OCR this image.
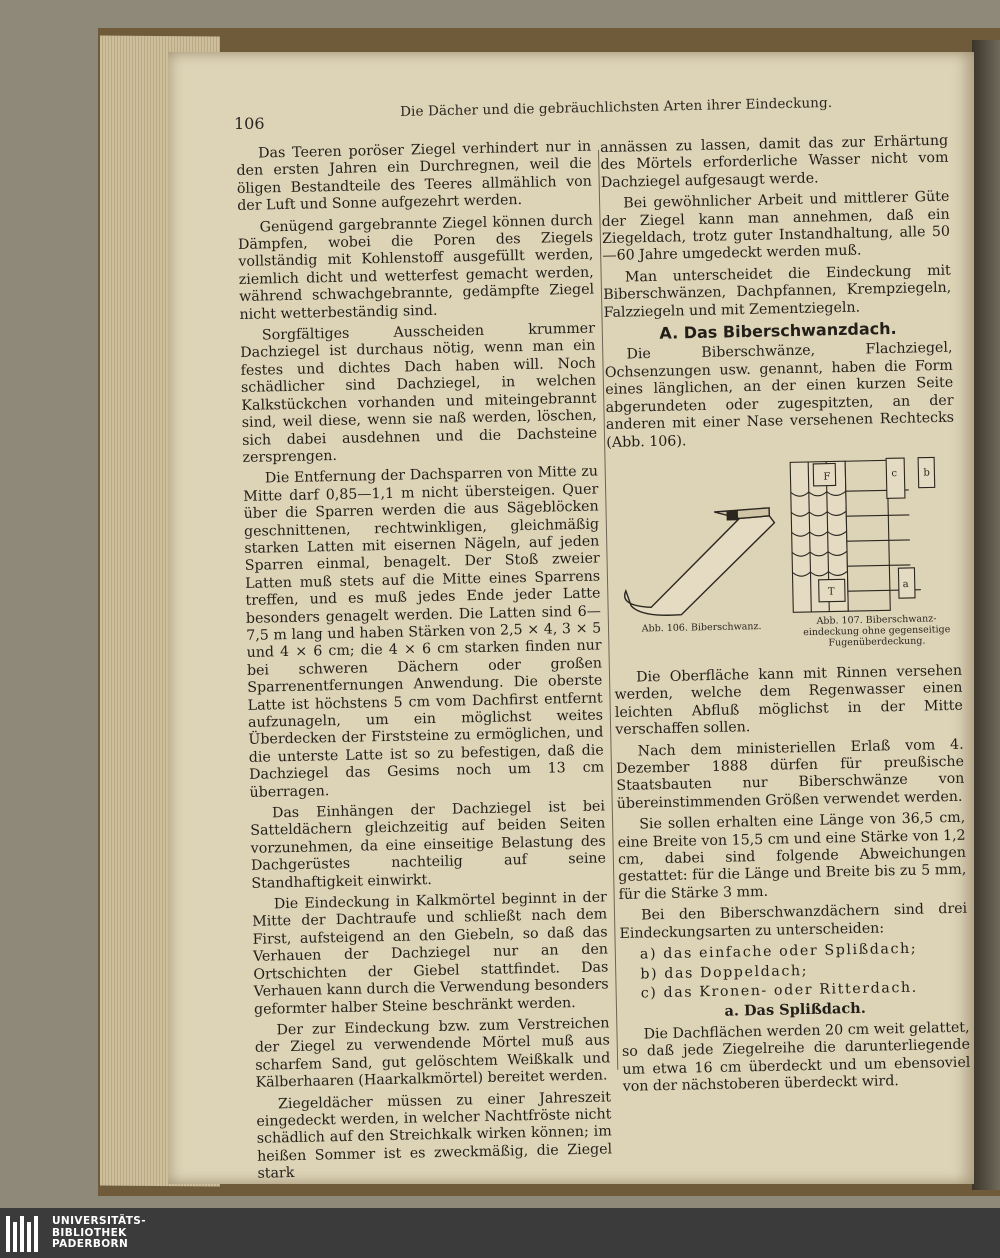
106
Die Dächer und die gebräuchlichsten Arten ihrer Eindeckung.

Das Teeren poröser Ziegel verhindert nur in den ersten Jahren ein Durchregnen, weil die öligen Bestandteile des Teeres allmählich von der Luft und Sonne aufgezehrt werden.

Genügend gargebrannte Ziegel können durch Dämpfen, wobei die Poren des Ziegels vollständig mit Kohlenstoff ausgefüllt werden, ziemlich dicht und wetterfest gemacht werden, während schwachgebrannte, gedämpfte Ziegel nicht wetterbeständig sind.

Sorgfältiges Ausscheiden krummer Dachziegel ist durchaus nötig, wenn man ein festes und dichtes Dach haben will. Noch schädlicher sind Dachziegel, in welchen Kalkstückchen vorhanden und miteingebrannt sind, weil diese, wenn sie naß werden, löschen, sich dabei ausdehnen und die Dachsteine zersprengen.

Die Entfernung der Dachsparren von Mitte zu Mitte darf 0,85—1,1 m nicht übersteigen. Quer über die Sparren werden die aus Sägeblöcken geschnittenen, rechtwinkligen, gleichmäßig starken Latten mit eisernen Nägeln, auf jeden Sparren einmal, benagelt. Der Stoß zweier Latten muß stets auf die Mitte eines Sparrens treffen, und es muß jedes Ende jeder Latte besonders genagelt werden. Die Latten sind 6—7,5 m lang und haben Stärken von 2,5 × 4, 3 × 5 und 4 × 6 cm; die 4 × 6 cm starken finden nur bei schweren Dächern oder großen Sparrenentfernungen Anwendung. Die oberste Latte ist höchstens 5 cm vom Dachfirst entfernt aufzunageln, um ein möglichst weites Überdecken der Firststeine zu ermöglichen, und die unterste Latte ist so zu befestigen, daß die Dachziegel das Gesims noch um 13 cm überragen.

Das Einhängen der Dachziegel ist bei Satteldächern gleichzeitig auf beiden Seiten vorzunehmen, da eine einseitige Belastung des Dachgerüstes nachteilig auf seine Standhaftigkeit einwirkt.

Die Eindeckung in Kalkmörtel beginnt in der Mitte der Dachtraufe und schließt nach dem First, aufsteigend an den Giebeln, so daß das Verhauen der Dachziegel nur an den Ortschichten der Giebel stattfindet. Das Verhauen kann durch die Verwendung besonders geformter halber Steine beschränkt werden.

Der zur Eindeckung bzw. zum Verstreichen der Ziegel zu verwendende Mörtel muß aus scharfem Sand, gut gelöschtem Weißkalk und Kälberhaaren (Haarkalkmörtel) bereitet werden.

Ziegeldächer müssen zu einer Jahreszeit eingedeckt werden, in welcher Nachtfröste nicht schädlich auf den Streichkalk wirken können; im heißen Sommer ist es zweckmäßig, die Ziegel stark

annässen zu lassen, damit das zur Erhärtung des Mörtels erforderliche Wasser nicht vom Dachziegel aufgesaugt werde.

Bei gewöhnlicher Arbeit und mittlerer Güte der Ziegel kann man annehmen, daß ein Ziegeldach, trotz guter Instandhaltung, alle 50—60 Jahre umgedeckt werden muß.

Man unterscheidet die Eindeckung mit Biberschwänzen, Dachpfannen, Krempziegeln, Falzziegeln und mit Zementziegeln.

A. Das Biberschwanzdach.

Die Biberschwänze, Flachziegel, Ochsenzungen usw. genannt, haben die Form eines länglichen, an der einen kurzen Seite abgerundeten oder zugespitzten, an der anderen mit einer Nase versehenen Rechtecks (Abb. 106).

F	c	b
T
a
Abb. 106. Biberschwanz.
Abb. 107. Biberschwanz-
eindeckung ohne gegenseitige
Fugenüberdeckung.

Die Oberfläche kann mit Rinnen versehen werden, welche dem Regenwasser einen leichten Abfluß möglichst in der Mitte verschaffen sollen.

Nach dem ministeriellen Erlaß vom 4. Dezember 1888 dürfen für preußische Staatsbauten nur Biberschwänze von übereinstimmenden Größen verwendet werden.

Sie sollen erhalten eine Länge von 36,5 cm, eine Breite von 15,5 cm und eine Stärke von 1,2 cm, dabei sind folgende Abweichungen gestattet: für die Länge und Breite bis zu 5 mm, für die Stärke 3 mm.

Bei den Biberschwanzdächern sind drei Eindeckungsarten zu unterscheiden:

a) das einfache oder Splißdach;

b) das Doppeldach;

c) das Kronen- oder Ritterdach.

a. Das Splißdach.

Die Dachflächen werden 20 cm weit gelattet, so daß jede Ziegelreihe die darunterliegende um etwa 16 cm überdeckt und um ebensoviel von der nächstoberen überdeckt wird.

UNIVERSITÄTS-
BIBLIOTHEK
PADERBORN
